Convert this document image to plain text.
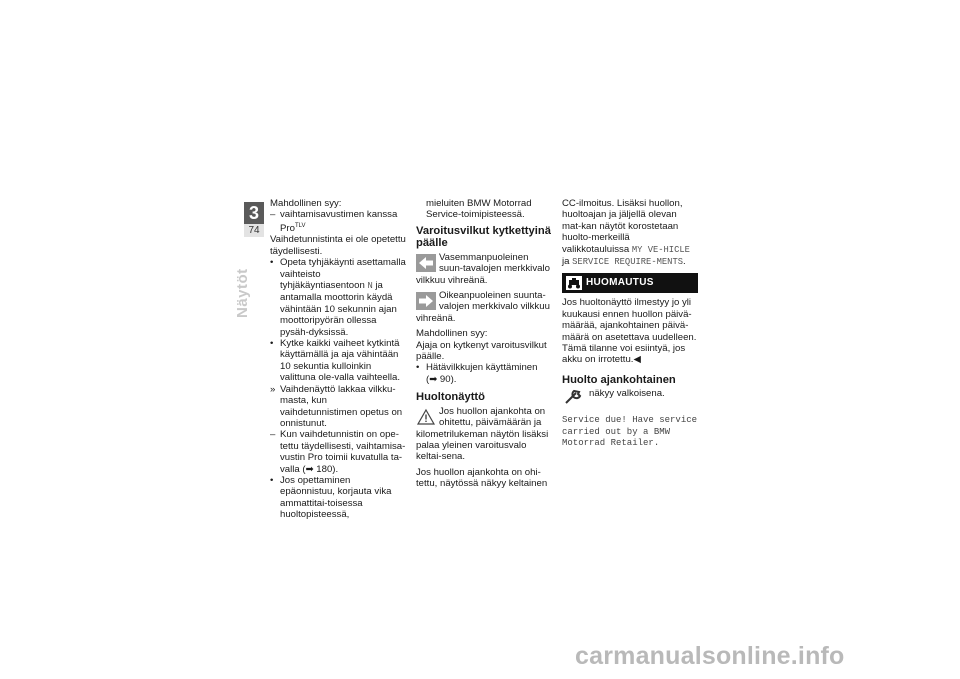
3
74
Näytöt

Mahdollinen syy:

– vaihtamisavustimen kanssa
Pro$^{TLV}$

Vaihdetunnistinta ei ole opetettu täydellisesti.

• Opeta tyhjäkäynti asettamalla vaihteisto tyhjäkäyntiasentoon N ja antamalla moottorin käydä vähintään 10 sekunnin ajan moottoripyörän ollessa pysäh-dyksissä.
• Kytke kaikki vaiheet kytkintä käyttämällä ja aja vähintään 10 sekuntia kulloinkin valittuna ole-valla vaihteella.
» Vaihdenäyttö lakkaa vilkku-masta, kun vaihdetunnistimen opetus on onnistunut.
– Kun vaihdetunnistin on ope-tettu täydellisesti, vaihtamisa-vustin Pro toimii kuvatulla ta-valla (➡ 180).
• Jos opettaminen epäonnistuu, korjauta vika ammattitai-toisessa huoltopisteessä,
mieluiten BMW Motorrad Service-toimipisteessä.
Varoitusvilkut kytkettyinä päälle
Vasemmanpuoleinen suun-tavalojen merkkivalo vilkkuu vihreänä.
Oikeanpuoleinen suunta-valojen merkkivalo vilkkuu vihreänä.

Mahdollinen syy:

Ajaja on kytkenyt varoitusvilkut päälle.

• Hätävilkkujen käyttäminen
(➡ 90).
Huoltonäyttö
Jos huollon ajankohta on ohitettu, päivämäärän ja kilometrilukeman näytön lisäksi palaa yleinen varoitusvalo keltai-sena.

Jos huollon ajankohta on ohi-tettu, näytössä näkyy keltainen

CC-ilmoitus. Lisäksi huollon, huoltoajan ja jäljellä olevan mat-kan näytöt korostetaan huolto-merkeillä valikkotauluissa MY VE-HICLE ja SERVICE REQUIRE-MENTS.

HUOMAUTUS

Jos huoltonäyttö ilmestyy jo yli kuukausi ennen huollon päivä-määrää, ajankohtainen päivä-määrä on asetettava uudelleen. Tämä tilanne voi esiintyä, jos akku on irrotettu.◀

Huolto ajankohtainen
näkyy valkoisena.
Service due! Have service
carried out by a BMW
Motorrad Retailer.
carmanualsonline.info
